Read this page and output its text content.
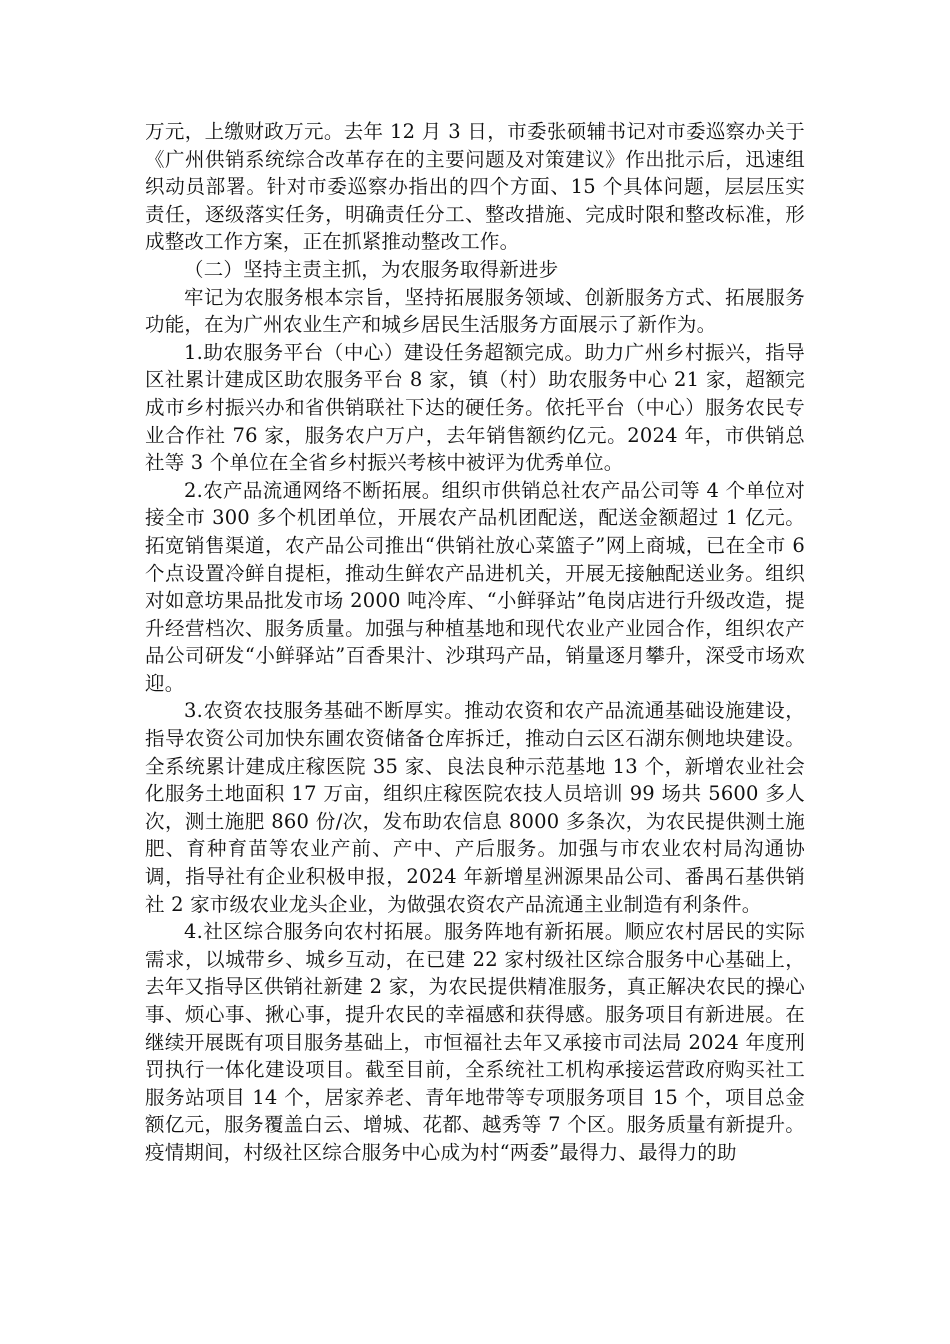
万元，上缴财政万元。去年 12 月 3 日，市委张硕辅书记对市委巡察办关于《广州供销系统综合改革存在的主要问题及对策建议》作出批示后，迅速组织动员部署。针对市委巡察办指出的四个方面、15 个具体问题，层层压实责任，逐级落实任务，明确责任分工、整改措施、完成时限和整改标准，形成整改工作方案，正在抓紧推动整改工作。

（二）坚持主责主抓，为农服务取得新进步

牢记为农服务根本宗旨，坚持拓展服务领域、创新服务方式、拓展服务功能，在为广州农业生产和城乡居民生活服务方面展示了新作为。

1.助农服务平台（中心）建设任务超额完成。助力广州乡村振兴，指导区社累计建成区助农服务平台 8 家，镇（村）助农服务中心 21 家，超额完成市乡村振兴办和省供销联社下达的硬任务。依托平台（中心）服务农民专业合作社 76 家，服务农户万户，去年销售额约亿元。2024 年，市供销总社等 3 个单位在全省乡村振兴考核中被评为优秀单位。

2.农产品流通网络不断拓展。组织市供销总社农产品公司等 4 个单位对接全市 300 多个机团单位，开展农产品机团配送，配送金额超过 1 亿元。拓宽销售渠道，农产品公司推出“供销社放心菜篮子”网上商城，已在全市 6 个点设置冷鲜自提柜，推动生鲜农产品进机关，开展无接触配送业务。组织对如意坊果品批发市场 2000 吨冷库、“小鲜驿站”龟岗店进行升级改造，提升经营档次、服务质量。加强与种植基地和现代农业产业园合作，组织农产品公司研发“小鲜驿站”百香果汁、沙琪玛产品，销量逐月攀升，深受市场欢迎。

3.农资农技服务基础不断厚实。推动农资和农产品流通基础设施建设，指导农资公司加快东圃农资储备仓库拆迁，推动白云区石湖东侧地块建设。全系统累计建成庄稼医院 35 家、良法良种示范基地 13 个，新增农业社会化服务土地面积 17 万亩，组织庄稼医院农技人员培训 99 场共 5600 多人次，测土施肥 860 份/次，发布助农信息 8000 多条次，为农民提供测土施肥、育种育苗等农业产前、产中、产后服务。加强与市农业农村局沟通协调，指导社有企业积极申报，2024 年新增星洲源果品公司、番禺石基供销社 2 家市级农业龙头企业，为做强农资农产品流通主业制造有利条件。

4.社区综合服务向农村拓展。服务阵地有新拓展。顺应农村居民的实际需求，以城带乡、城乡互动，在已建 22 家村级社区综合服务中心基础上，去年又指导区供销社新建 2 家，为农民提供精准服务，真正解决农民的操心事、烦心事、揪心事，提升农民的幸福感和获得感。服务项目有新进展。在继续开展既有项目服务基础上，市恒福社去年又承接市司法局 2024 年度刑罚执行一体化建设项目。截至目前，全系统社工机构承接运营政府购买社工服务站项目 14 个，居家养老、青年地带等专项服务项目 15 个，项目总金额亿元，服务覆盖白云、增城、花都、越秀等 7 个区。服务质量有新提升。疫情期间，村级社区综合服务中心成为村“两委”最得力、最得力的助
